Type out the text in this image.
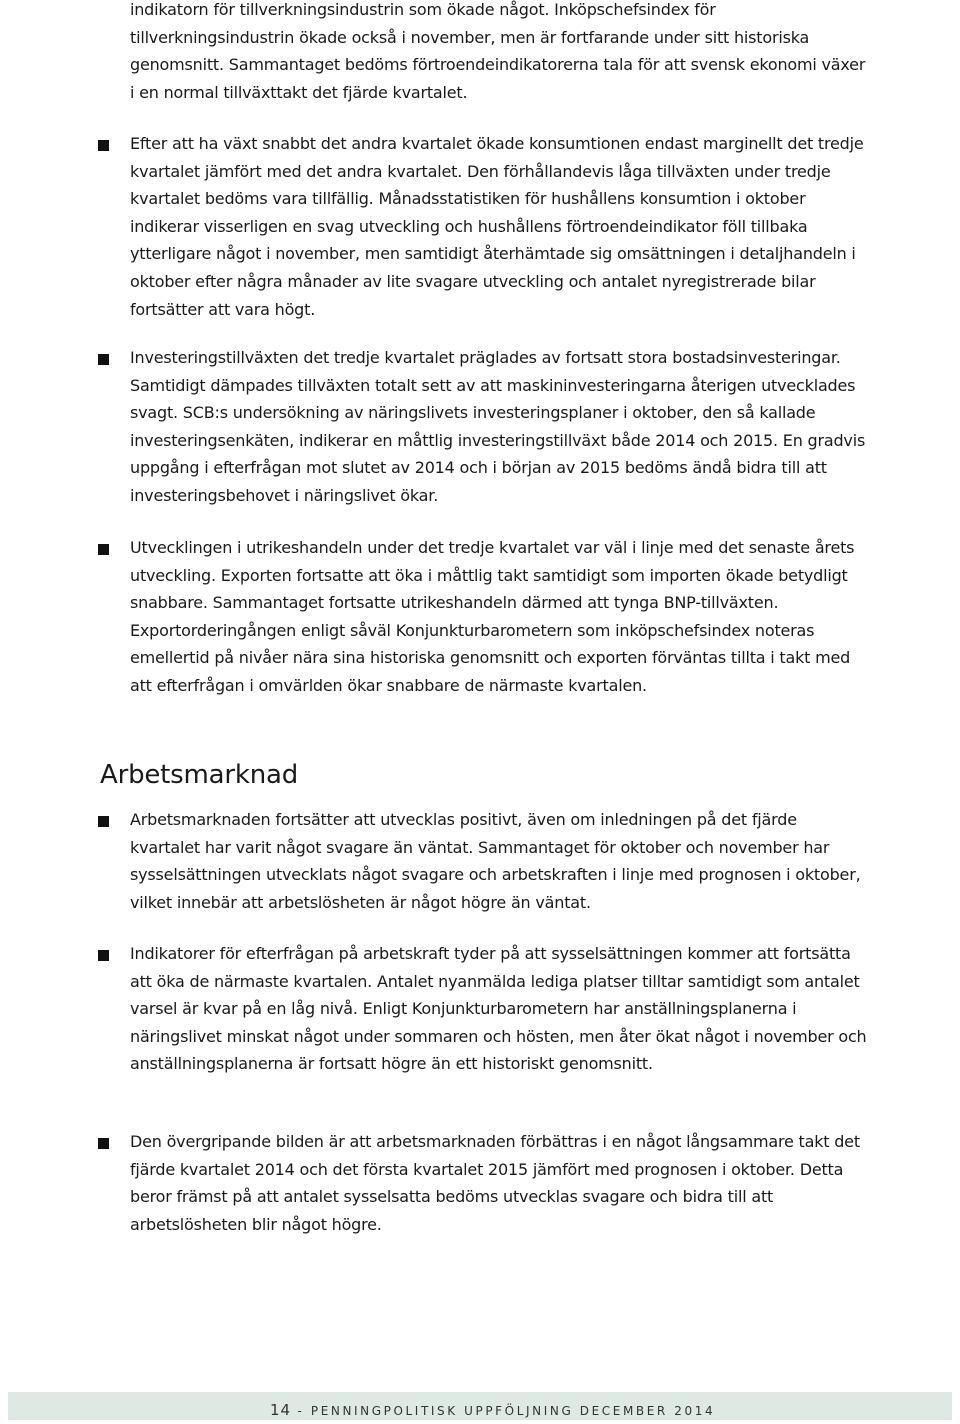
indikatorn för tillverkningsindustrin som ökade något. Inköpschefsindex för tillverkningsindustrin ökade också i november, men är fortfarande under sitt historiska genomsnitt. Sammantaget bedöms förtroendeindikatorerna tala för att svensk ekonomi växer i en normal tillväxttakt det fjärde kvartalet.
Efter att ha växt snabbt det andra kvartalet ökade konsumtionen endast marginellt det tredje kvartalet jämfört med det andra kvartalet. Den förhållandevis låga tillväxten under tredje kvartalet bedöms vara tillfällig. Månadsstatistiken för hushållens konsumtion i oktober indikerar visserligen en svag utveckling och hushållens förtroendeindikator föll tillbaka ytterligare något i november, men samtidigt återhämtade sig omsättningen i detaljhandeln i oktober efter några månader av lite svagare utveckling och antalet nyregistrerade bilar fortsätter att vara högt.
Investeringstillväxten det tredje kvartalet präglades av fortsatt stora bostadsinvesteringar. Samtidigt dämpades tillväxten totalt sett av att maskininvesteringarna återigen utvecklades svagt. SCB:s undersökning av näringslivets investeringsplaner i oktober, den så kallade investeringsenkäten, indikerar en måttlig investeringstillväxt både 2014 och 2015. En gradvis uppgång i efterfrågan mot slutet av 2014 och i början av 2015 bedöms ändå bidra till att investeringsbehovet i näringslivet ökar.
Utvecklingen i utrikeshandeln under det tredje kvartalet var väl i linje med det senaste årets utveckling. Exporten fortsatte att öka i måttlig takt samtidigt som importen ökade betydligt snabbare. Sammantaget fortsatte utrikeshandeln därmed att tynga BNP-tillväxten. Exportorderingången enligt såväl Konjunkturbarometern som inköpschefsindex noteras emellertid på nivåer nära sina historiska genomsnitt och exporten förväntas tillta i takt med att efterfrågan i omvärlden ökar snabbare de närmaste kvartalen.
Arbetsmarknad
Arbetsmarknaden fortsätter att utvecklas positivt, även om inledningen på det fjärde kvartalet har varit något svagare än väntat. Sammantaget för oktober och november har sysselsättningen utvecklats något svagare och arbetskraften i linje med prognosen i oktober, vilket innebär att arbetslösheten är något högre än väntat.
Indikatorer för efterfrågan på arbetskraft tyder på att sysselsättningen kommer att fortsätta att öka de närmaste kvartalen. Antalet nyanmälda lediga platser tilltar samtidigt som antalet varsel är kvar på en låg nivå. Enligt Konjunkturbarometern har anställningsplanerna i näringslivet minskat något under sommaren och hösten, men åter ökat något i november och anställningsplanerna är fortsatt högre än ett historiskt genomsnitt.
Den övergripande bilden är att arbetsmarknaden förbättras i en något långsammare takt det fjärde kvartalet 2014 och det första kvartalet 2015 jämfört med prognosen i oktober. Detta beror främst på att antalet sysselsatta bedöms utvecklas svagare och bidra till att arbetslösheten blir något högre.
14 - PENNINGPOLITISK UPPFÖLJNING DECEMBER 2014
